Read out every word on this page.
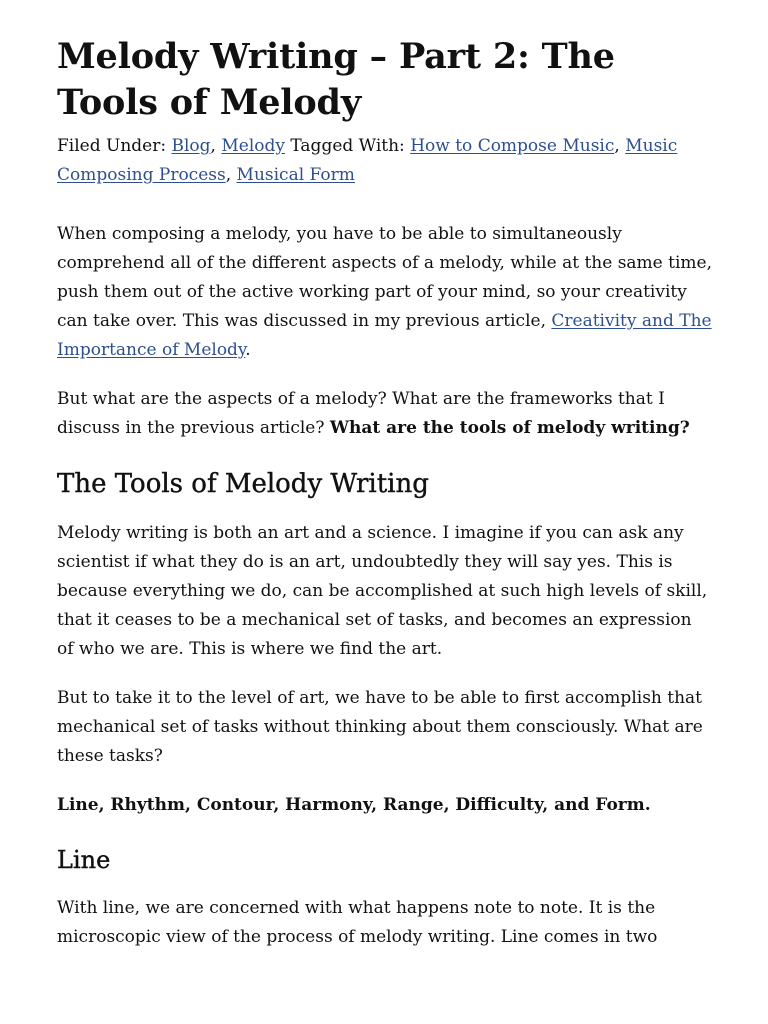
Melody Writing – Part 2: The Tools of Melody
Filed Under: Blog, Melody Tagged With: How to Compose Music, Music Composing Process, Musical Form

When composing a melody, you have to be able to simultaneously comprehend all of the different aspects of a melody, while at the same time, push them out of the active working part of your mind, so your creativity can take over. This was discussed in my previous article, Creativity and The Importance of Melody.

But what are the aspects of a melody? What are the frameworks that I discuss in the previous article? What are the tools of melody writing?

The Tools of Melody Writing

Melody writing is both an art and a science. I imagine if you can ask any scientist if what they do is an art, undoubtedly they will say yes. This is because everything we do, can be accomplished at such high levels of skill, that it ceases to be a mechanical set of tasks, and becomes an expression of who we are. This is where we find the art.

But to take it to the level of art, we have to be able to first accomplish that mechanical set of tasks without thinking about them consciously. What are these tasks?

Line, Rhythm, Contour, Harmony, Range, Difficulty, and Form.

Line

With line, we are concerned with what happens note to note. It is the microscopic view of the process of melody writing. Line comes in two
